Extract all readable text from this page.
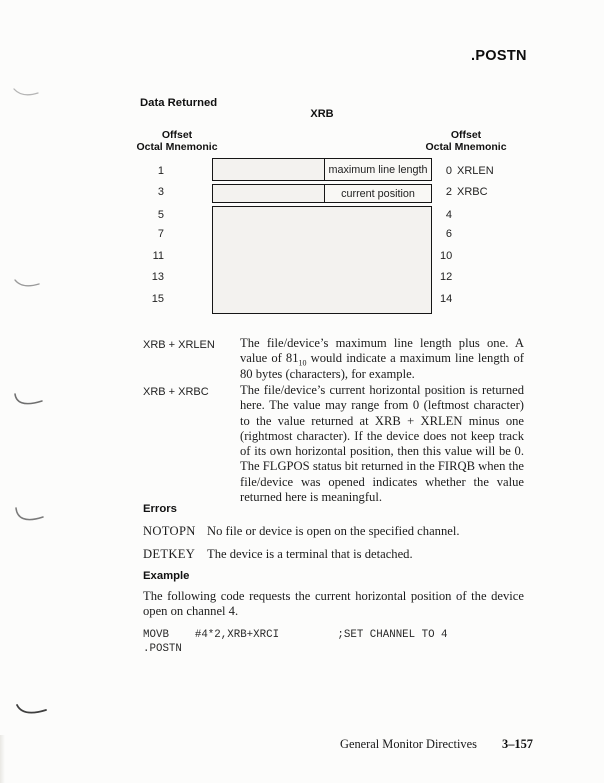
.POSTN
Data Returned
XRB
Offset
Octal Mnemonic
Offset
Octal Mnemonic
maximum line length
current position
1
3
5
7
11
13
15
0 XRLEN
2 XRBC
4
6
10
12
14
XRB + XRLEN The file/device’s maximum line length plus one. A value of $81_{10}$ would indicate a maximum line length of 80 bytes (characters), for example.
XRB + XRBC The file/device’s current horizontal position is returned here. The value may range from 0 (leftmost character) to the value returned at XRB + XRLEN minus one (rightmost character). If the device does not keep track of its own horizontal position, then this value will be 0. The FLGPOS status bit returned in the FIRQB when the file/device was opened indicates whether the value returned here is meaningful.
Errors
NOTOPN No file or device is open on the specified channel.
DETKEY The device is a terminal that is detached.
Example
The following code requests the current horizontal position of the device open on channel 4.
MOVB    #4*2,XRB+XRCI         ;SET CHANNEL TO 4
.POSTN
General Monitor Directives 3–157
